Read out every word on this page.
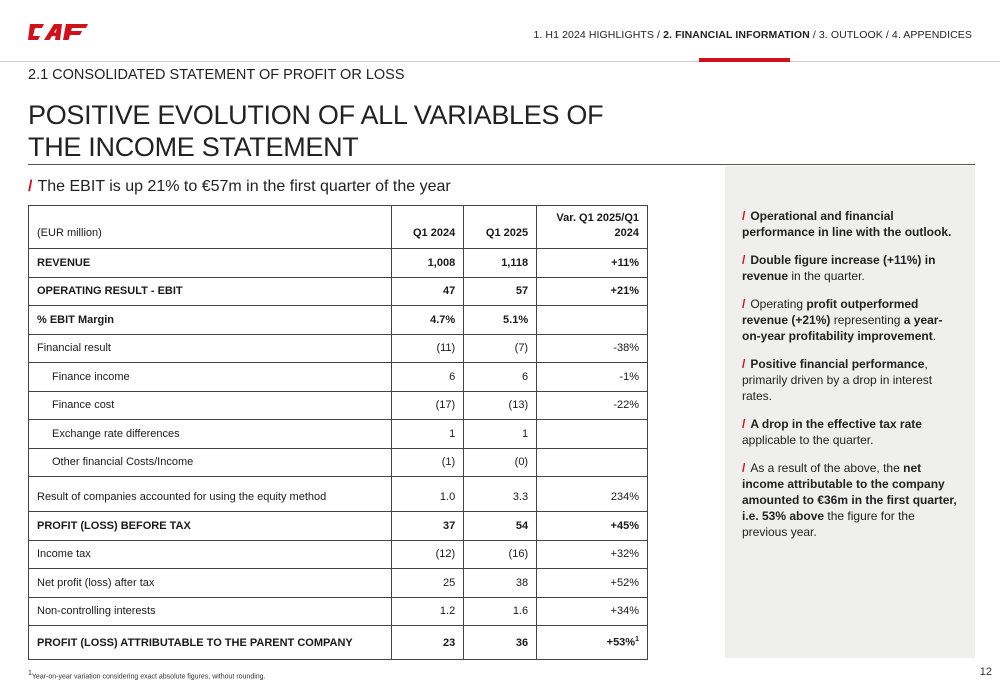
1. H1 2024 HIGHLIGHTS / 2. FINANCIAL INFORMATION / 3. OUTLOOK / 4. APPENDICES
2.1 CONSOLIDATED STATEMENT OF PROFIT OR LOSS
POSITIVE EVOLUTION OF ALL VARIABLES OF THE INCOME STATEMENT
/ The EBIT is up 21% to €57m in the first quarter of the year
(EUR million)	Q1 2024	Q1 2025	Var. Q1 2025/Q1 2024
REVENUE	1,008	1,118	+11%
OPERATING RESULT - EBIT	47	57	+21%
% EBIT Margin	4.7%	5.1%	
Financial result	(11)	(7)	-38%
Finance income	6	6	-1%
Finance cost	(17)	(13)	-22%
Exchange rate differences	1	1	
Other financial Costs/Income	(1)	(0)	
Result of companies accounted for using the equity method	1.0	3.3	234%
PROFIT (LOSS) BEFORE TAX	37	54	+45%
Income tax	(12)	(16)	+32%
Net profit (loss) after tax	25	38	+52%
Non-controlling interests	1.2	1.6	+34%
PROFIT (LOSS) ATTRIBUTABLE TO THE PARENT COMPANY	23	36	+53%$^1$

/ Operational and financial performance in line with the outlook.

/ Double figure increase (+11%) in revenue in the quarter.

/ Operating profit outperformed revenue (+21%) representing a year-on-year profitability improvement.

/ Positive financial performance, primarily driven by a drop in interest rates.

/ A drop in the effective tax rate applicable to the quarter.

/ As a result of the above, the net income attributable to the company amounted to €36m in the first quarter, i.e. 53% above the figure for the previous year.

$^1$Year-on-year variation considering exact absolute figures, without rounding.	12
